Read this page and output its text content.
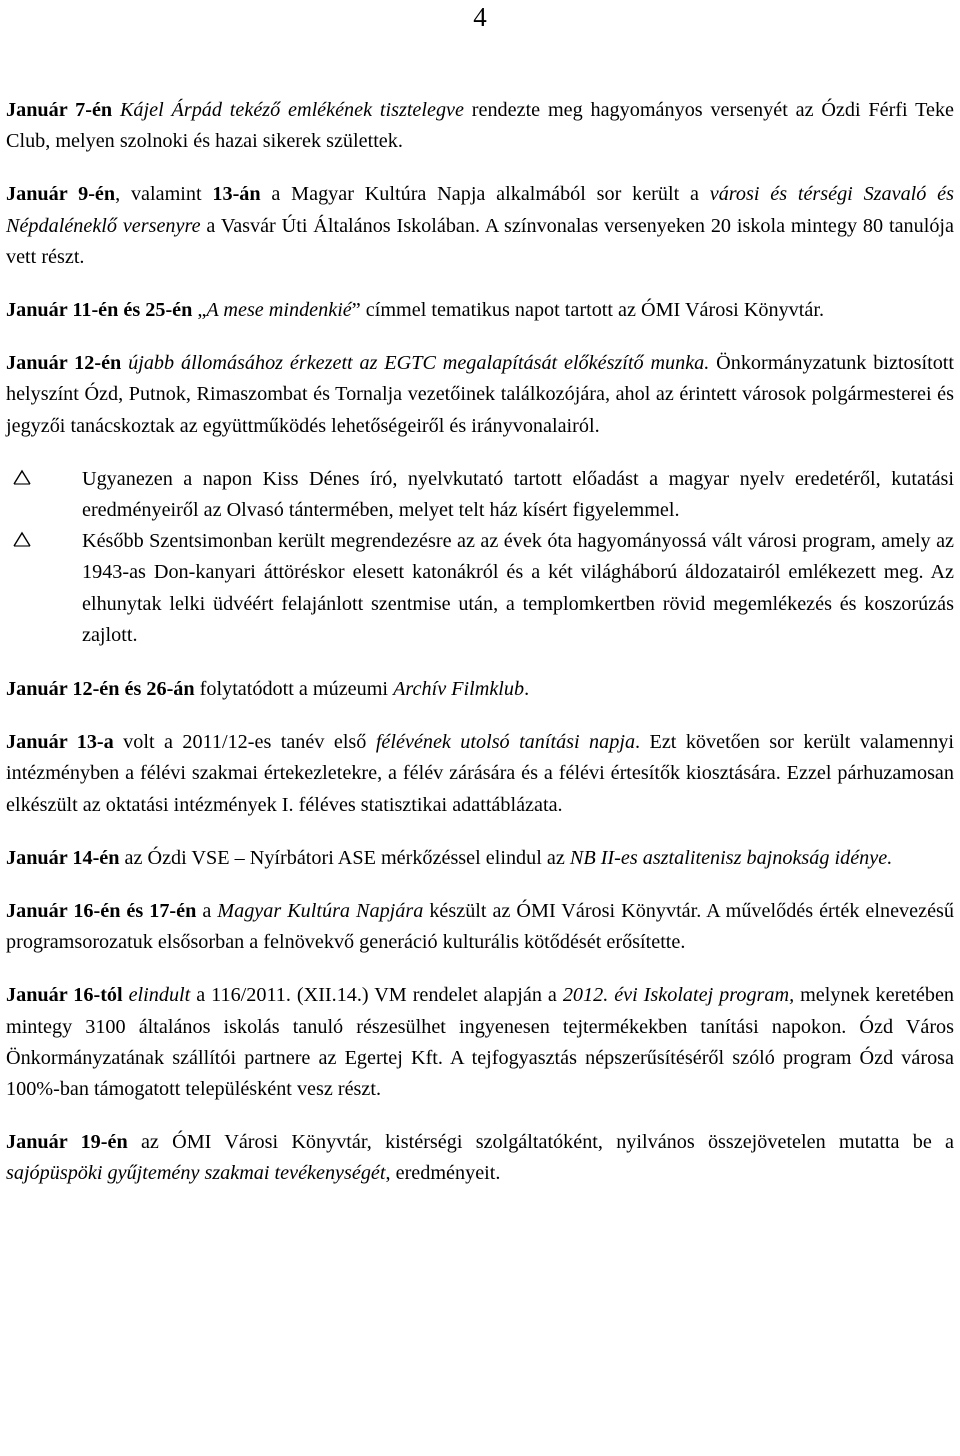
4

Január 7-én Kájel Árpád tekéző emlékének tisztelegve rendezte meg hagyományos versenyét az Ózdi Férfi Teke Club, melyen szolnoki és hazai sikerek születtek.

Január 9-én, valamint 13-án a Magyar Kultúra Napja alkalmából sor került a városi és térségi Szavaló és Népdaléneklő versenyre a Vasvár Úti Általános Iskolában. A színvonalas versenyeken 20 iskola mintegy 80 tanulója vett részt.

Január 11-én és 25-én „A mese mindenkié” címmel tematikus napot tartott az ÓMI Városi Könyvtár.

Január 12-én újabb állomásához érkezett az EGTC megalapítását előkészítő munka. Önkormányzatunk biztosított helyszínt Ózd, Putnok, Rimaszombat és Tornalja vezetőinek találkozójára, ahol az érintett városok polgármesterei és jegyzői tanácskoztak az együttműködés lehetőségeiről és irányvonalairól.

Ugyanezen a napon Kiss Dénes író, nyelvkutató tartott előadást a magyar nyelv eredetéről, kutatási eredményeiről az Olvasó tántermében, melyet telt ház kísért figyelemmel.
Később Szentsimonban került megrendezésre az az évek óta hagyományossá vált városi program, amely az 1943-as Don-kanyari áttöréskor elesett katonákról és a két világháború áldozatairól emlékezett meg. Az elhunytak lelki üdvéért felajánlott szentmise után, a templomkertben rövid megemlékezés és koszorúzás zajlott.

Január 12-én és 26-án folytatódott a múzeumi Archív Filmklub.

Január 13-a volt a 2011/12-es tanév első félévének utolsó tanítási napja. Ezt követően sor került valamennyi intézményben a félévi szakmai értekezletekre, a félév zárására és a félévi értesítők kiosztására. Ezzel párhuzamosan elkészült az oktatási intézmények I. féléves statisztikai adattáblázata.

Január 14-én az Ózdi VSE – Nyírbátori ASE mérkőzéssel elindul az NB II-es asztalitenisz bajnokság idénye.

Január 16-én és 17-én a Magyar Kultúra Napjára készült az ÓMI Városi Könyvtár. A művelődés érték elnevezésű programsorozatuk elsősorban a felnövekvő generáció kulturális kötődését erősítette.

Január 16-tól elindult a 116/2011. (XII.14.) VM rendelet alapján a 2012. évi Iskolatej program, melynek keretében mintegy 3100 általános iskolás tanuló részesülhet ingyenesen tejtermékekben tanítási napokon. Ózd Város Önkormányzatának szállítói partnere az Egertej Kft. A tejfogyasztás népszerűsítéséről szóló program Ózd városa 100%-ban támogatott településként vesz részt.

Január 19-én az ÓMI Városi Könyvtár, kistérségi szolgáltatóként, nyilvános összejövetelen mutatta be a sajópüspöki gyűjtemény szakmai tevékenységét, eredményeit.
